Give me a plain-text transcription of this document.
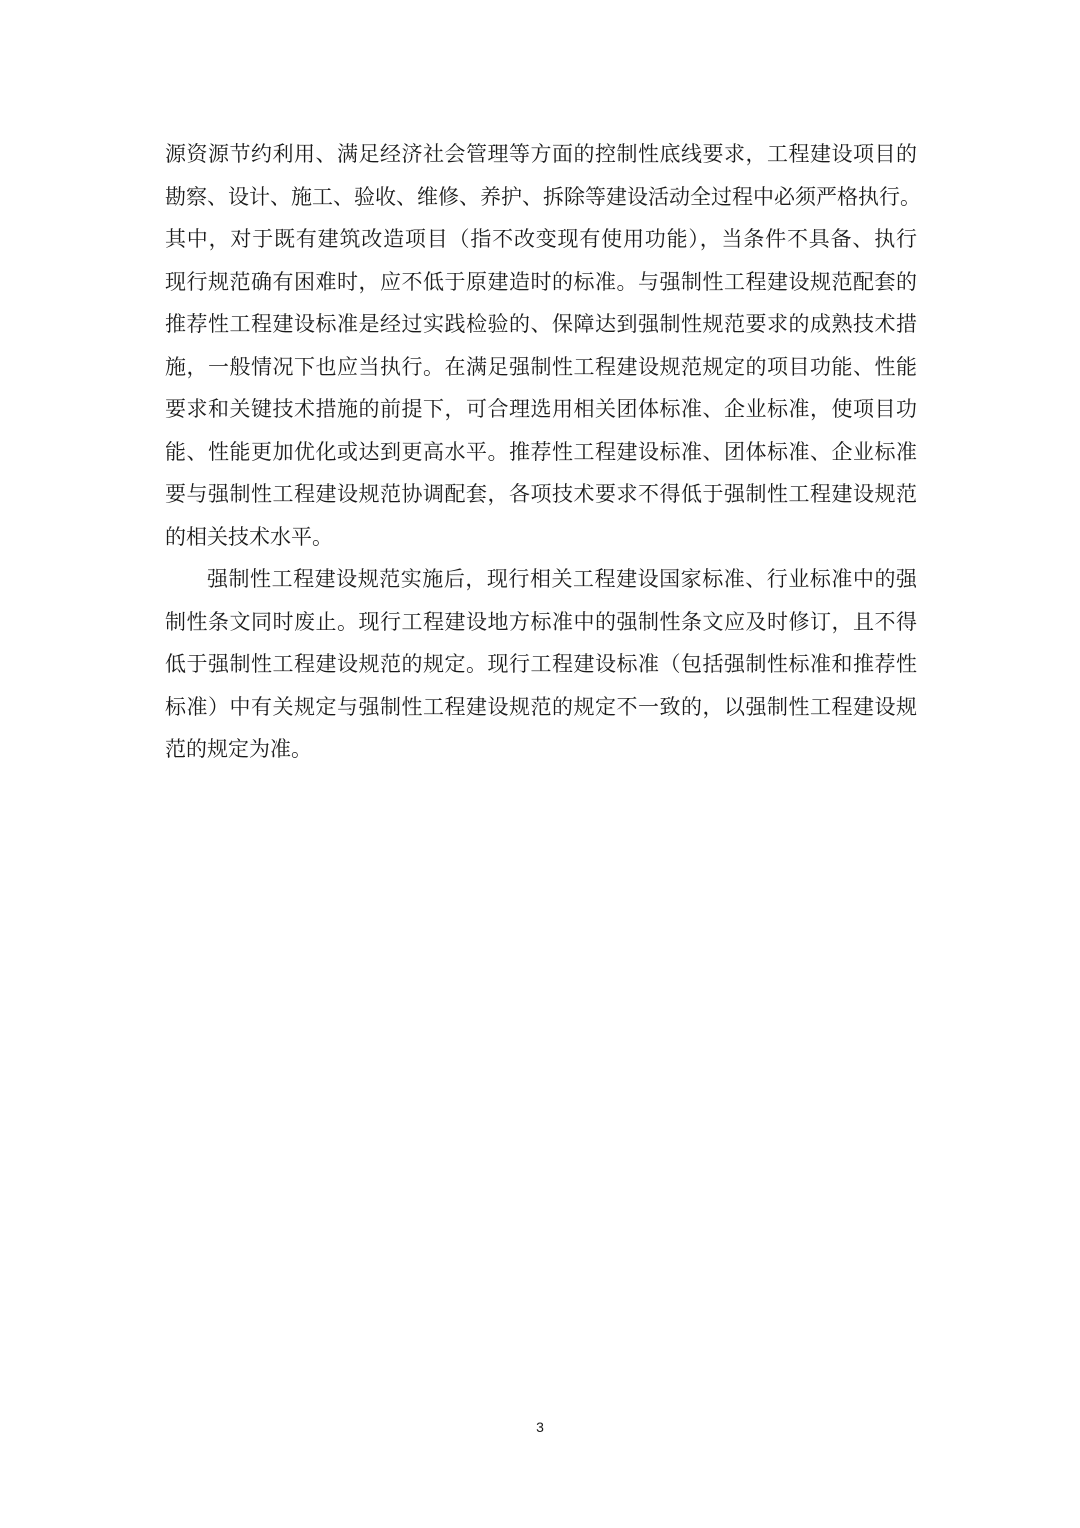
源资源节约利用、满足经济社会管理等方面的控制性底线要求，工程建设项目的
勘察、设计、施工、验收、维修、养护、拆除等建设活动全过程中必须严格执行。
其中，对于既有建筑改造项目（指不改变现有使用功能），当条件不具备、执行
现行规范确有困难时，应不低于原建造时的标准。与强制性工程建设规范配套的
推荐性工程建设标准是经过实践检验的、保障达到强制性规范要求的成熟技术措
施，一般情况下也应当执行。在满足强制性工程建设规范规定的项目功能、性能
要求和关键技术措施的前提下，可合理选用相关团体标准、企业标准，使项目功
能、性能更加优化或达到更高水平。推荐性工程建设标准、团体标准、企业标准
要与强制性工程建设规范协调配套，各项技术要求不得低于强制性工程建设规范
的相关技术水平。
强制性工程建设规范实施后，现行相关工程建设国家标准、行业标准中的强
制性条文同时废止。现行工程建设地方标准中的强制性条文应及时修订，且不得
低于强制性工程建设规范的规定。现行工程建设标准（包括强制性标准和推荐性
标准）中有关规定与强制性工程建设规范的规定不一致的，以强制性工程建设规
范的规定为准。
3
